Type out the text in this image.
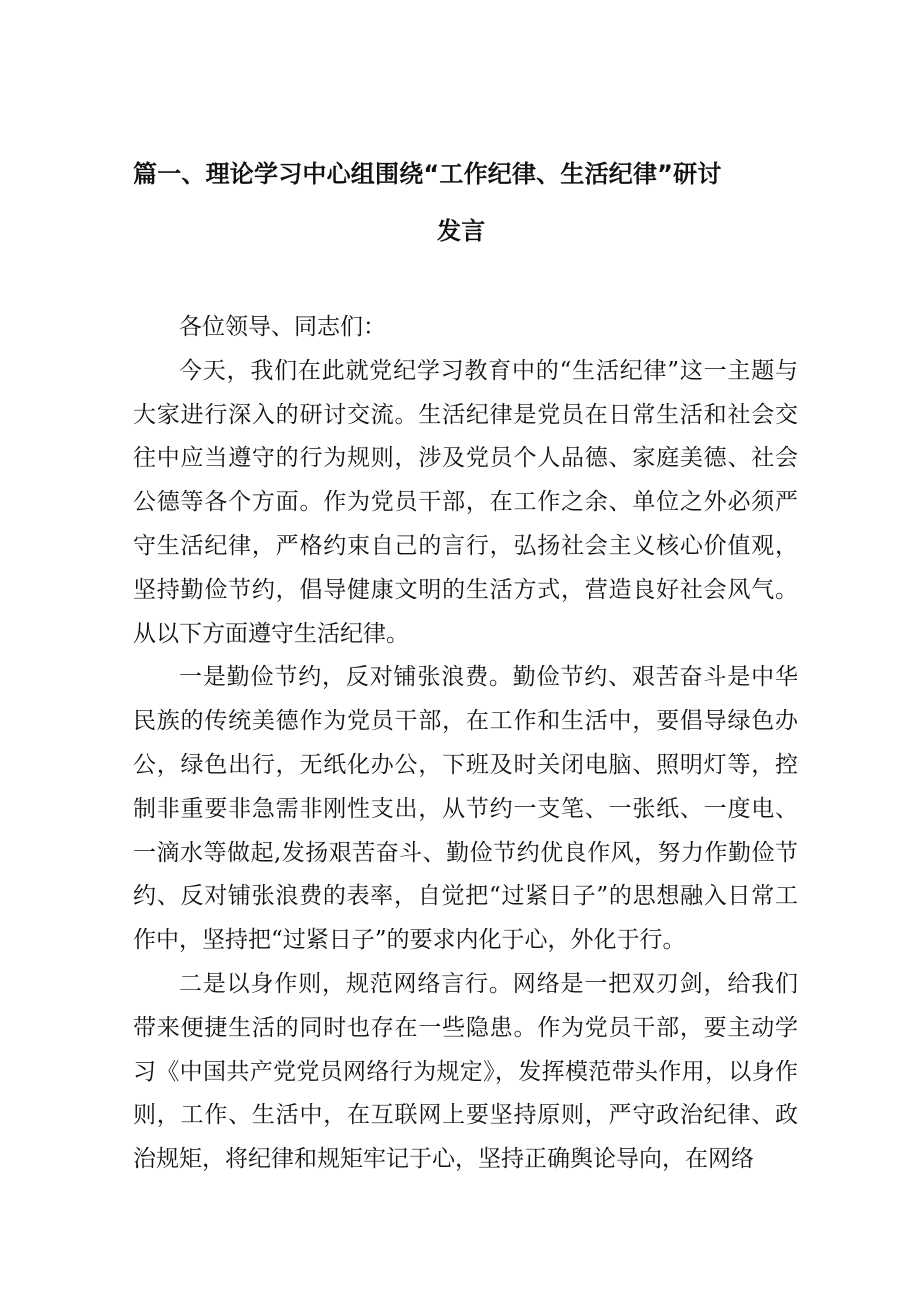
篇一、理论学习中心组围绕“工作纪律、生活纪律”研讨
发言

各位领导、同志们：

今天，我们在此就党纪学习教育中的“生活纪律”这一主题与大家进行深入的研讨交流。生活纪律是党员在日常生活和社会交往中应当遵守的行为规则，涉及党员个人品德、家庭美德、社会公德等各个方面。作为党员干部，在工作之余、单位之外必须严守生活纪律，严格约束自己的言行，弘扬社会主义核心价值观，坚持勤俭节约，倡导健康文明的生活方式，营造良好社会风气。从以下方面遵守生活纪律。

一是勤俭节约，反对铺张浪费。勤俭节约、艰苦奋斗是中华民族的传统美德作为党员干部，在工作和生活中，要倡导绿色办公，绿色出行，无纸化办公，下班及时关闭电脑、照明灯等，控制非重要非急需非刚性支出，从节约一支笔、一张纸、一度电、一滴水等做起,发扬艰苦奋斗、勤俭节约优良作风，努力作勤俭节约、反对铺张浪费的表率，自觉把“过紧日子”的思想融入日常工作中，坚持把“过紧日子”的要求内化于心，外化于行。

二是以身作则，规范网络言行。网络是一把双刃剑，给我们带来便捷生活的同时也存在一些隐患。作为党员干部，要主动学习《中国共产党党员网络行为规定》，发挥模范带头作用，以身作则，工作、生活中，在互联网上要坚持原则，严守政治纪律、政治规矩，将纪律和规矩牢记于心，坚持正确舆论导向，在网络
